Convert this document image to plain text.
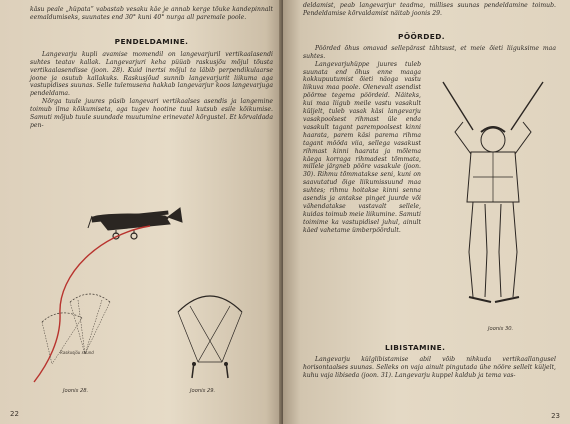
käsu peale „hüpata” vabastab vesaku käe je annab kerge tõuke kandepinnalt eemaldumiseks, suunates end 30° kuni 40° nurga all paremale poole.

PENDELDAMINE.

Langevarju kupli avamise momendil on langevarjuril vertikaalasendi suhtes teatav kallak. Langevarjuri keha püüab raskusjõu mõjul tõusta vertikaalasendisse (joon. 28). Kuid inertsi mõjul ta läbib perpendikulaarse joone ja osutub kallakuks. Raskusjõud sunnib langevarjurit liikuma aga vastupidises suunas. Selle tulemusena hakkab langevarjur koos langevarjuga pendeldama.

Nõrga tuule juures püsib langevari vertikaalses asendis ja langemine toimub ilma kõikumiseta, aga tugev hootine tuul kutsub esile kõikumise. Samuti mõjub tuule suundade muutumine erinevatel kõrgustel. Et kõrvaldada pen-

Raskusjõu suund
Joonis 28.	Joonis 29.
22

deldamist, peab langevarjur teadma, millises suunas pendeldamine toimub. Pendeldamise kõrvaldamist näitab joonis 29.

PÖÖRDED.

Pöörded õhus omavad sellepärast tähtsust, et meie õieti liiguksime maa suhtes.

Langevarjuhüppe juures tuleb suunata end õhus enne maaga kokkupuutumist õieti näoga vastu liikuva maa poole. Olenevalt asendist pöörme tegema pöördeid. Näiteks, kui maa liigub meile vastu vasakult küljelt, tuleb vasak käsi langevarju vasakpoolsest rihmast üle enda vasakult tagant parempoolsest kinni haarata, parem käsi parema rihma tagant mööda viia, sellega vasakust rihmast kinni haarata ja mõlema käega korraga rihmadest tõmmata, millele järgneb pööre vasakule (joon. 30). Rihmu tõmmatakse seni, kuni on saavutatud õige liikumissuund maa suhtes; rihmu hoitakse kinni senna asendis ja antakse pinget juurde või vähendatakse vastavalt sellele, kuidas toimub meie liikumine. Samuti toimime ka vastupidisel juhul, ainult käed vahetame ümberpöördult.

Joonis 30.
LIBISTAMINE.

Langevarju külglibistamise abil võib nihkuda vertikaallangusel horisontaalses suunas. Selleks on vaja ainult pingutada ühe nööre sellelt küljelt, kuhu vaja libiseda (joon. 31). Langevarju kuppel kaldub ja tema vas-

23
